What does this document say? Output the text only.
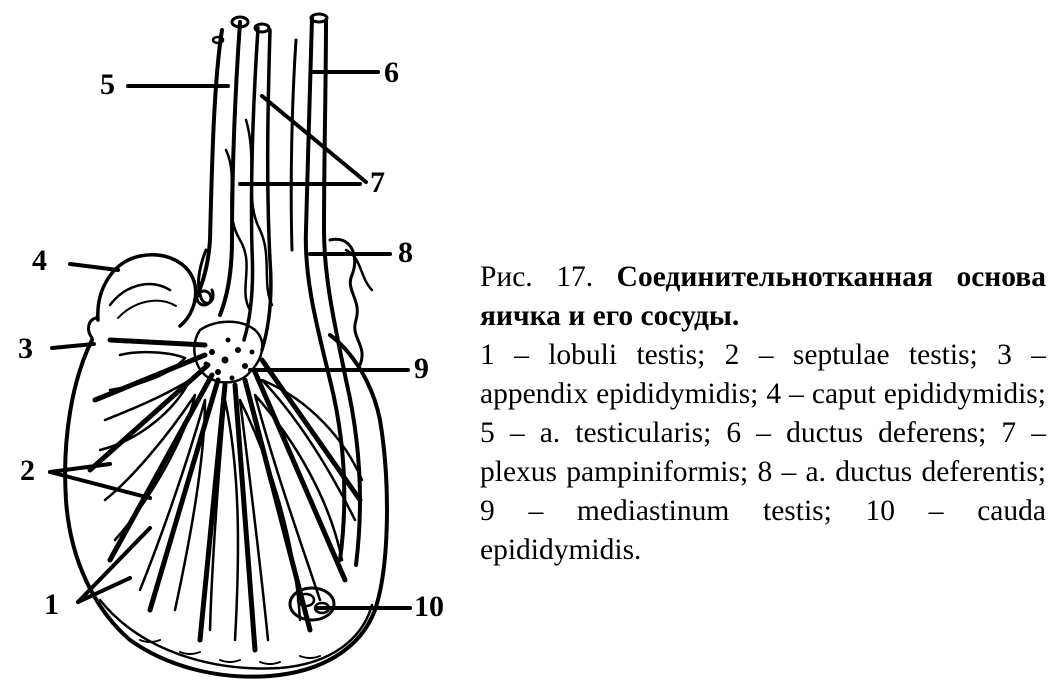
1
2
3
4
5	6
7
8
9
10
Рис. 17. Соединительнотканная основа яичка и его сосуды.
1 – lobuli testis; 2 – septulae testis; 3 – appendix epididymidis; 4 – caput epididymidis; 5 – a. testicularis; 6 – ductus deferens; 7 – plexus pampiniformis; 8 – a. ductus deferentis; 9 – mediastinum testis; 10 – cauda epididymidis.
